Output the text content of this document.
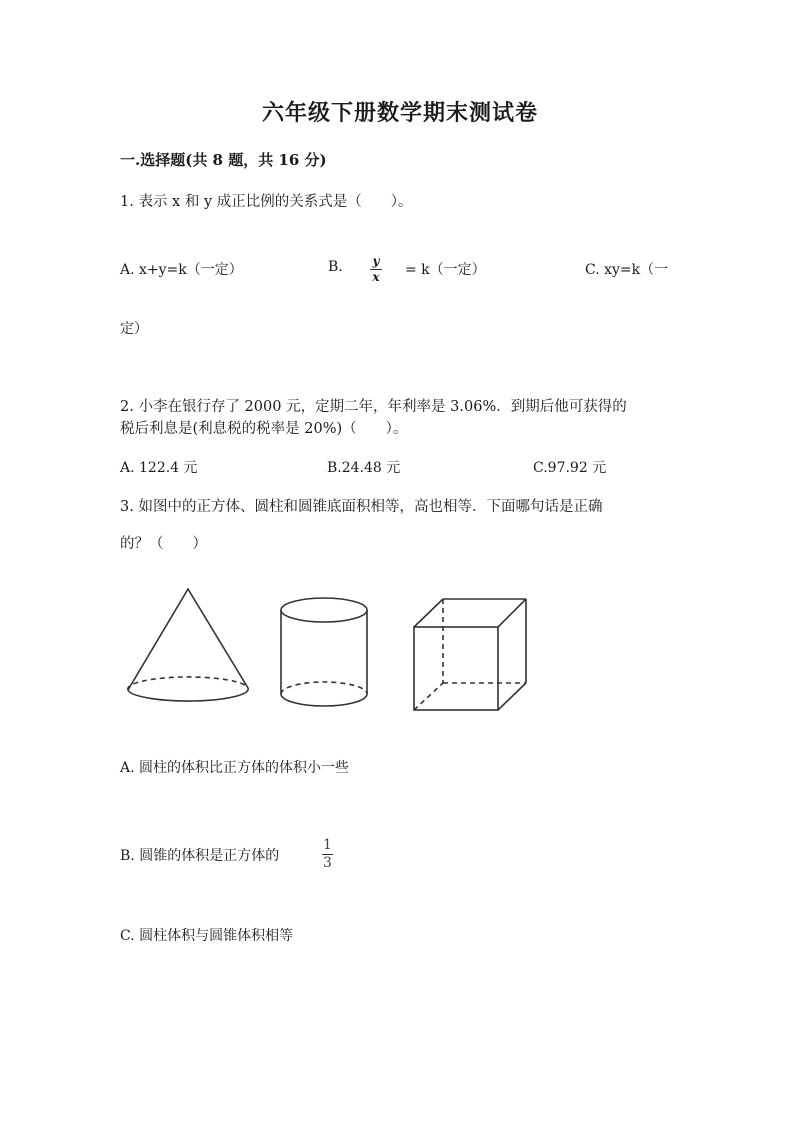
六年级下册数学期末测试卷
一.选择题(共 8 题，共 16 分)
1. 表示 x 和 y 成正比例的关系式是（　　）。
A. x+y=k（一定）	B. y
x = k（一定）	C. xy=k（一
定）
2. 小李在银行存了 2000 元，定期二年，年利率是 3.06%．到期后他可获得的
税后利息是(利息税的税率是 20%)（　　）。
A. 122.4 元	B.24.48 元	C.97.92 元
3. 如图中的正方体、圆柱和圆锥底面积相等，高也相等．下面哪句话是正确
的？（　　）
A. 圆柱的体积比正方体的体积小一些
B. 圆锥的体积是正方体的
1
3
C. 圆柱体积与圆锥体积相等
